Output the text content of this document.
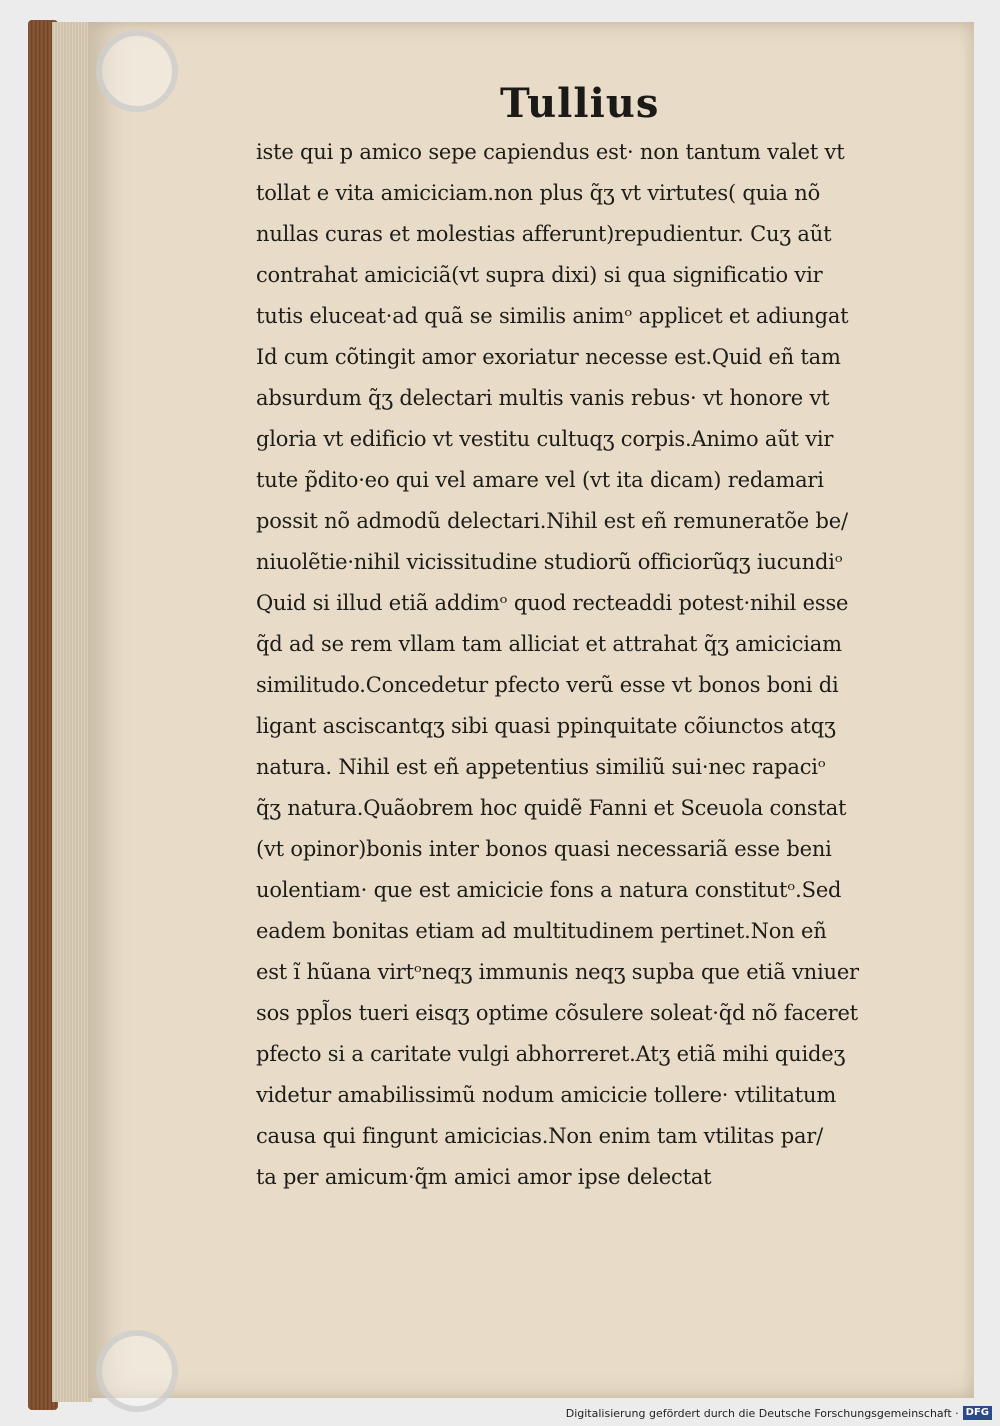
Tullius
iste qui p amico sepe capiendus est· non tantum valet vt
tollat e vita amiciciam.non plus q̃ʒ vt virtutes( quia nõ
nullas curas et molestias afferunt)repudientur. Cuʒ aũt
contrahat amiciciã(vt supra dixi) si qua significatio vir
tutis eluceat·ad quã se similis animᵒ applicet et adiungat
Id cum cõtingit amor exoriatur necesse est.Quid eñ tam
absurdum q̃ʒ delectari multis vanis rebus· vt honore vt
gloria vt edificio vt vestitu cultuqʒ corpis.Animo aũt vir
tute p̃dito·eo qui vel amare vel (vt ita dicam) redamari
possit nõ admodũ delectari.Nihil est eñ remuneratõe be/
niuolẽtie·nihil vicissitudine studiorũ officiorũqʒ iucundiᵒ
Quid si illud etiã addimᵒ quod recteaddi potest·nihil esse
q̃d ad se rem vllam tam alliciat et attrahat q̃ʒ amiciciam
similitudo.Concedetur pfecto verũ esse vt bonos boni di
ligant asciscantqʒ sibi quasi ppinquitate cõiunctos atqʒ
natura. Nihil est eñ appetentius similiũ sui·nec rapaciᵒ
q̃ʒ natura.Quãobrem hoc quidẽ Fanni et Sceuola constat
(vt opinor)bonis inter bonos quasi necessariã esse beni
uolentiam· que est amicicie fons a natura constitutᵒ.Sed
eadem bonitas etiam ad multitudinem pertinet.Non eñ
est ĩ hũana virtᵒneqʒ immunis neqʒ supba que etiã vniuer
sos ppl̃os tueri eisqʒ optime cõsulere soleat·q̃d nõ faceret
pfecto si a caritate vulgi abhorreret.Atʒ etiã mihi quideʒ
videtur amabilissimũ nodum amicicie tollere· vtilitatum
causa qui fingunt amicicias.Non enim tam vtilitas par/
ta per amicum·q̃m amici amor ipse delectat
Digitalisierung gefördert durch die Deutsche Forschungsgemeinschaft · DFG
